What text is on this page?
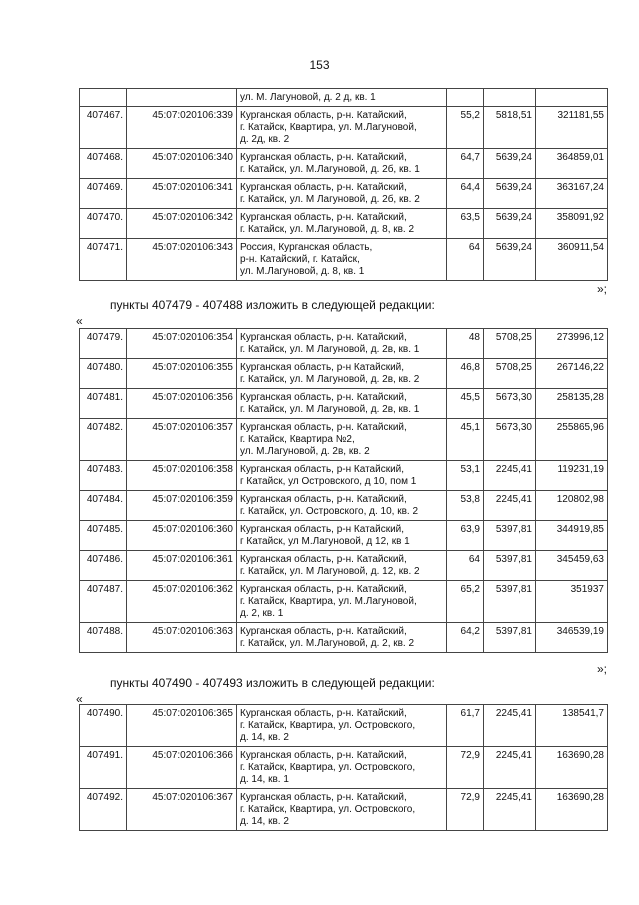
153
		ул. М. Лагуновой, д. 2 д, кв. 1			
407467.	45:07:020106:339	Курганская область, р-н. Катайский,
г. Катайск, Квартира, ул. М.Лагуновой,
д. 2д, кв. 2	55,2	5818,51	321181,55
407468.	45:07:020106:340	Курганская область, р-н. Катайский,
г. Катайск, ул. М.Лагуновой, д. 2б, кв. 1	64,7	5639,24	364859,01
407469.	45:07:020106:341	Курганская область, р-н. Катайский,
г. Катайск, ул. М Лагуновой, д. 2б, кв. 2	64,4	5639,24	363167,24
407470.	45:07:020106:342	Курганская область, р-н. Катайский,
г. Катайск, ул. М.Лагуновой, д. 8, кв. 2	63,5	5639,24	358091,92
407471.	45:07:020106:343	Россия, Курганская область,
р-н. Катайский, г. Катайск,
ул. М.Лагуновой, д. 8, кв. 1	64	5639,24	360911,54
»;
пункты 407479 - 407488 изложить в следующей редакции:
«
407479.	45:07:020106:354	Курганская область, р-н. Катайский,
г. Катайск, ул. М Лагуновой, д. 2в, кв. 1	48	5708,25	273996,12
407480.	45:07:020106:355	Курганская область, р-н Катайский,
г. Катайск, ул. М Лагуновой, д. 2в, кв. 2	46,8	5708,25	267146,22
407481.	45:07:020106:356	Курганская область, р-н. Катайский,
г. Катайск, ул. М Лагуновой, д. 2в, кв. 1	45,5	5673,30	258135,28
407482.	45:07:020106:357	Курганская область, р-н. Катайский,
г. Катайск, Квартира №2,
ул. М.Лагуновой, д. 2в, кв. 2	45,1	5673,30	255865,96
407483.	45:07:020106:358	Курганская область, р-н Катайский,
г Катайск, ул Островского, д 10, пом 1	53,1	2245,41	119231,19
407484.	45:07:020106:359	Курганская область, р-н. Катайский,
г. Катайск, ул. Островского, д. 10, кв. 2	53,8	2245,41	120802,98
407485.	45:07:020106:360	Курганская область, р-н Катайский,
г Катайск, ул М.Лагуновой, д 12, кв 1	63,9	5397,81	344919,85
407486.	45:07:020106:361	Курганская область, р-н. Катайский,
г. Катайск, ул. М Лагуновой, д. 12, кв. 2	64	5397,81	345459,63
407487.	45:07:020106:362	Курганская область, р-н. Катайский,
г. Катайск, Квартира, ул. М.Лагуновой,
д. 2, кв. 1	65,2	5397,81	351937
407488.	45:07:020106:363	Курганская область, р-н. Катайский,
г. Катайск, ул. М.Лагуновой, д. 2, кв. 2	64,2	5397,81	346539,19
»;
пункты 407490 - 407493 изложить в следующей редакции:
«
407490.	45:07:020106:365	Курганская область, р-н. Катайский,
г. Катайск, Квартира, ул. Островского,
д. 14, кв. 2	61,7	2245,41	138541,7
407491.	45:07:020106:366	Курганская область, р-н. Катайский,
г. Катайск, Квартира, ул. Островского,
д. 14, кв. 1	72,9	2245,41	163690,28
407492.	45:07:020106:367	Курганская область, р-н. Катайский,
г. Катайск, Квартира, ул. Островского,
д. 14, кв. 2	72,9	2245,41	163690,28
